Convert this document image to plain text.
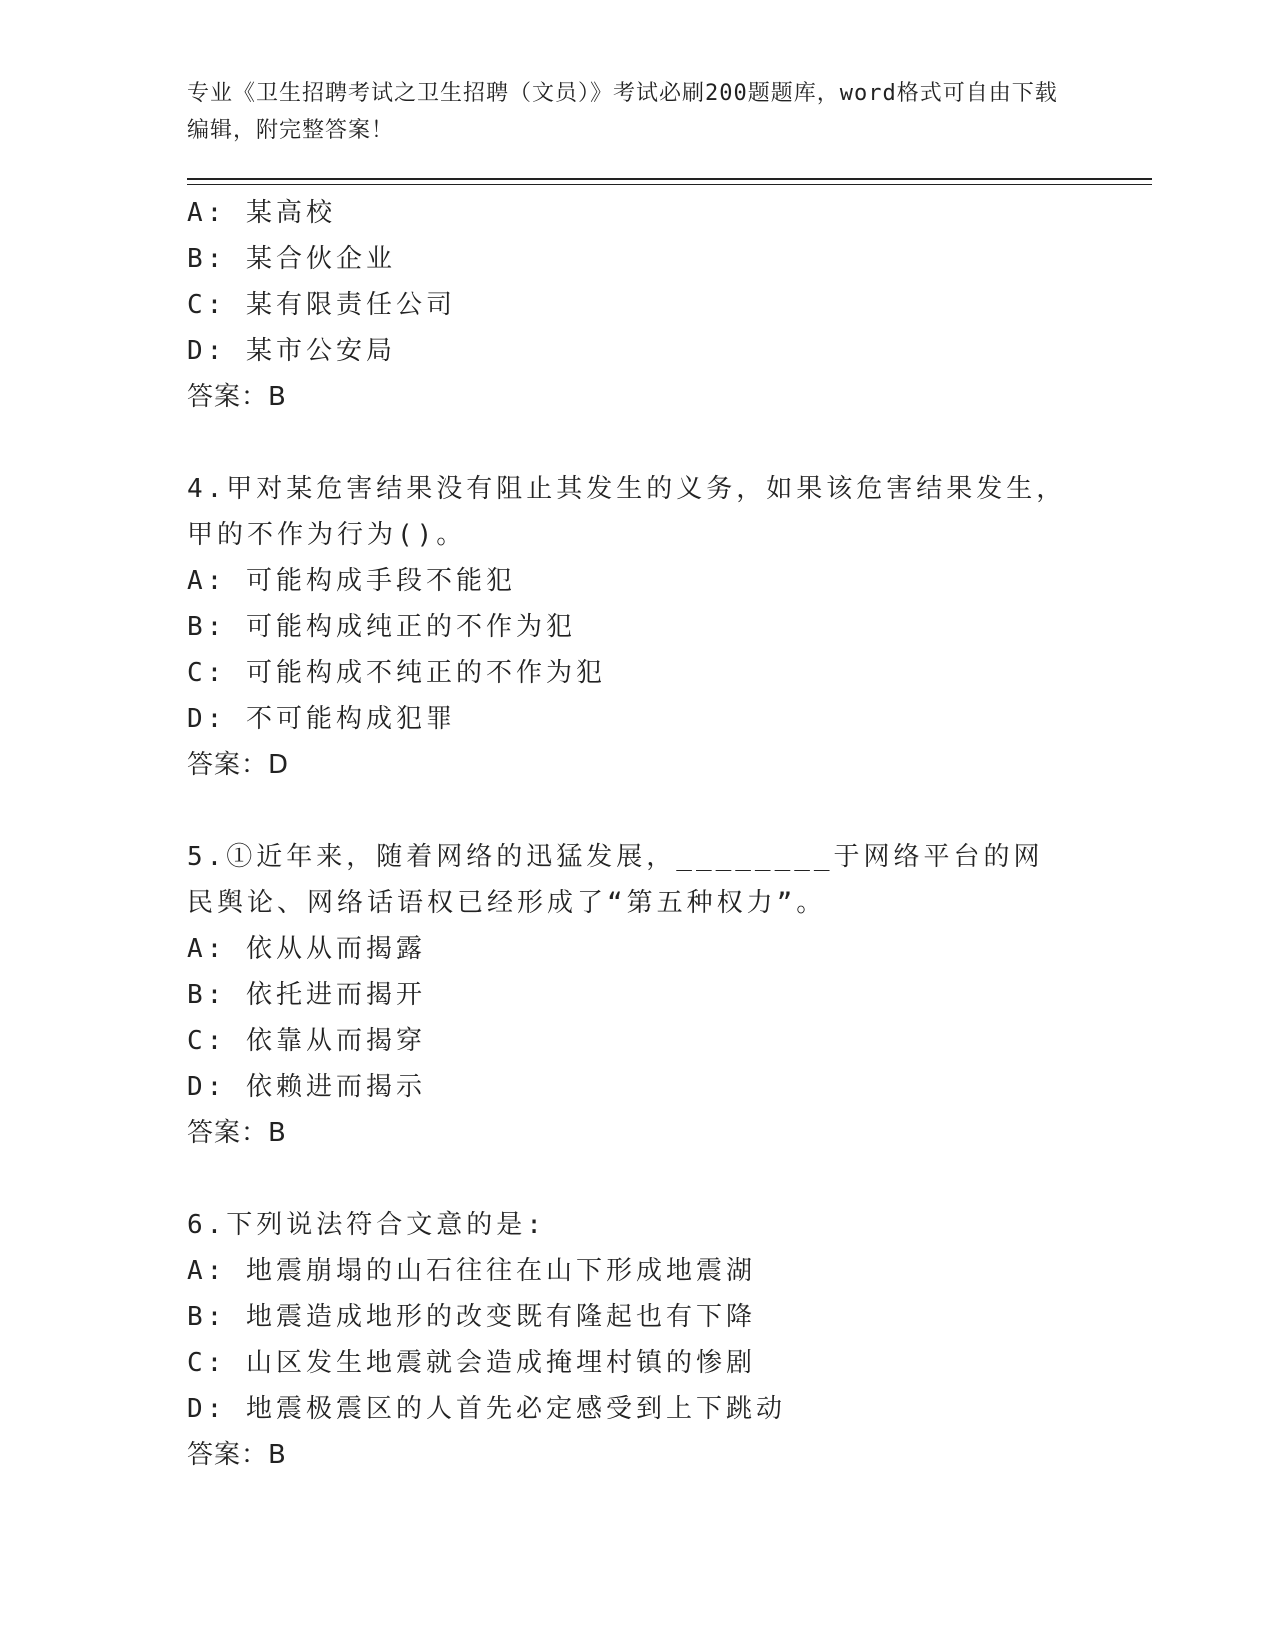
专业《卫生招聘考试之卫生招聘（文员）》考试必刷200题题库，word格式可自由下载编辑，附完整答案！
A: 某高校
B: 某合伙企业
C: 某有限责任公司
D: 某市公安局
答案：B
4.甲对某危害结果没有阻止其发生的义务，如果该危害结果发生，甲的不作为行为()。
A: 可能构成手段不能犯
B: 可能构成纯正的不作为犯
C: 可能构成不纯正的不作为犯
D: 不可能构成犯罪
答案：D
5.①近年来，随着网络的迅猛发展，________于网络平台的网民舆论、网络话语权已经形成了“第五种权力”。
A: 依从从而揭露
B: 依托进而揭开
C: 依靠从而揭穿
D: 依赖进而揭示
答案：B
6.下列说法符合文意的是:
A: 地震崩塌的山石往往在山下形成地震湖
B: 地震造成地形的改变既有隆起也有下降
C: 山区发生地震就会造成掩埋村镇的惨剧
D: 地震极震区的人首先必定感受到上下跳动
答案：B
